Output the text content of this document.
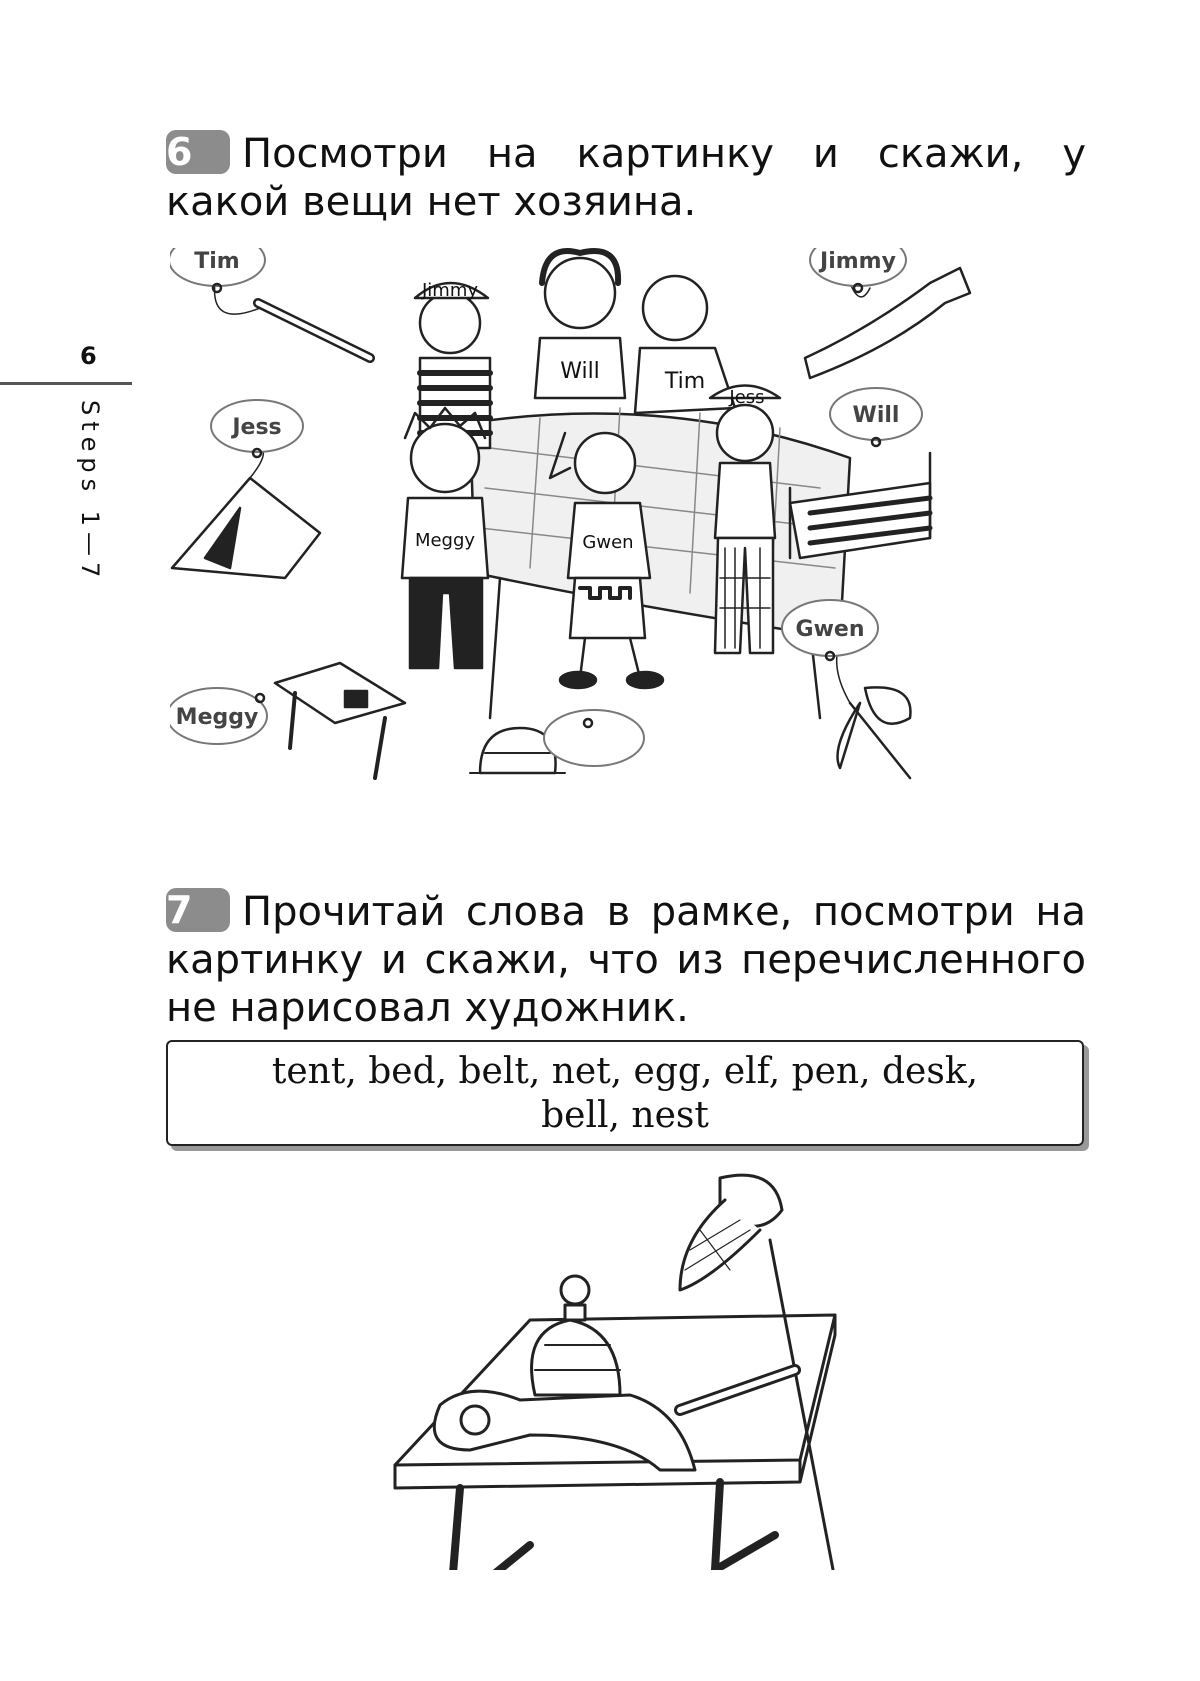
6
Steps 1—7
6 Посмотри на картинку и скажи, у какой вещи нет хозяина.
Tim	Jimmy
Jess	Will
Meggy
Gwen
Jimmy
Will	Tim
Jess
Meggy	Gwen
7 Прочитай слова в рамке, посмотри на картинку и скажи, что из перечисленного не нарисовал художник.
tent, bed, belt, net, egg, elf, pen, desk,
bell, nest
